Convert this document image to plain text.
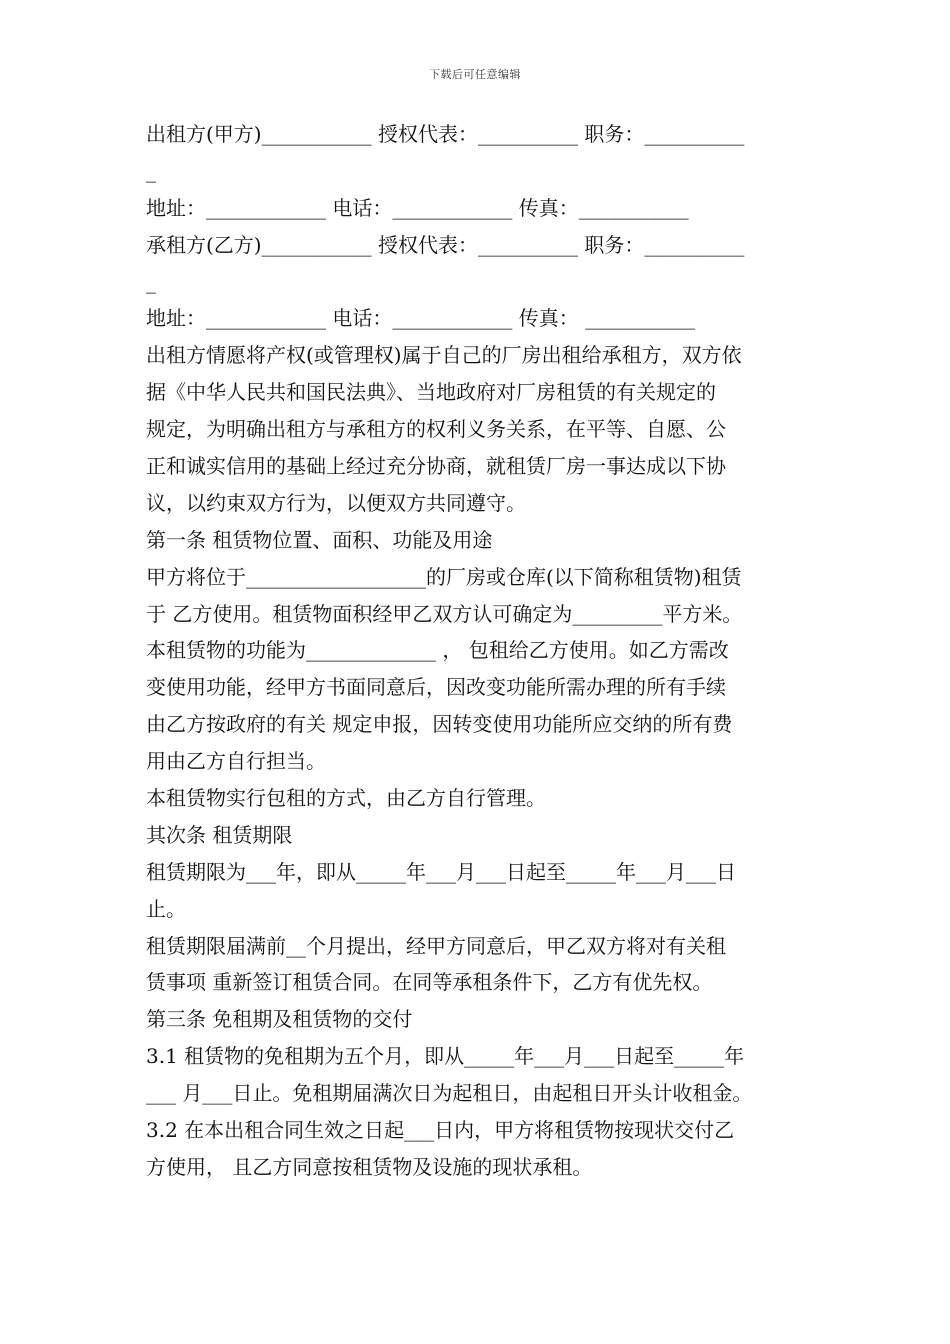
下载后可任意编辑
出租方(甲方)___________ 授权代表：__________ 职务：__________
_
地址：____________ 电话：____________ 传真：___________
承租方(乙方)___________ 授权代表：__________ 职务：__________
_
地址：____________ 电话：____________ 传真： ___________
出租方情愿将产权(或管理权)属于自己的厂房出租给承租方，双方依
据《中华人民共和国民法典》、当地政府对厂房租赁的有关规定的
规定，为明确出租方与承租方的权利义务关系，在平等、自愿、公
正和诚实信用的基础上经过充分协商，就租赁厂房一事达成以下协
议，以约束双方行为，以便双方共同遵守。
第一条 租赁物位置、面积、功能及用途
甲方将位于__________________的厂房或仓库(以下简称租赁物)租赁
于 乙方使用。租赁物面积经甲乙双方认可确定为_________平方米。
本租赁物的功能为_____________ ， 包租给乙方使用。如乙方需改
变使用功能，经甲方书面同意后，因改变功能所需办理的所有手续
由乙方按政府的有关 规定申报，因转变使用功能所应交纳的所有费
用由乙方自行担当。
本租赁物实行包租的方式，由乙方自行管理。
其次条 租赁期限
租赁期限为___年，即从_____年___月___日起至_____年___月___日
止。
租赁期限届满前__个月提出，经甲方同意后，甲乙双方将对有关租
赁事项 重新签订租赁合同。在同等承租条件下，乙方有优先权。
第三条 免租期及租赁物的交付
3.1 租赁物的免租期为五个月，即从_____年___月___日起至_____年
___ 月___日止。免租期届满次日为起租日，由起租日开头计收租金。
3.2 在本出租合同生效之日起___日内，甲方将租赁物按现状交付乙
方使用， 且乙方同意按租赁物及设施的现状承租。
